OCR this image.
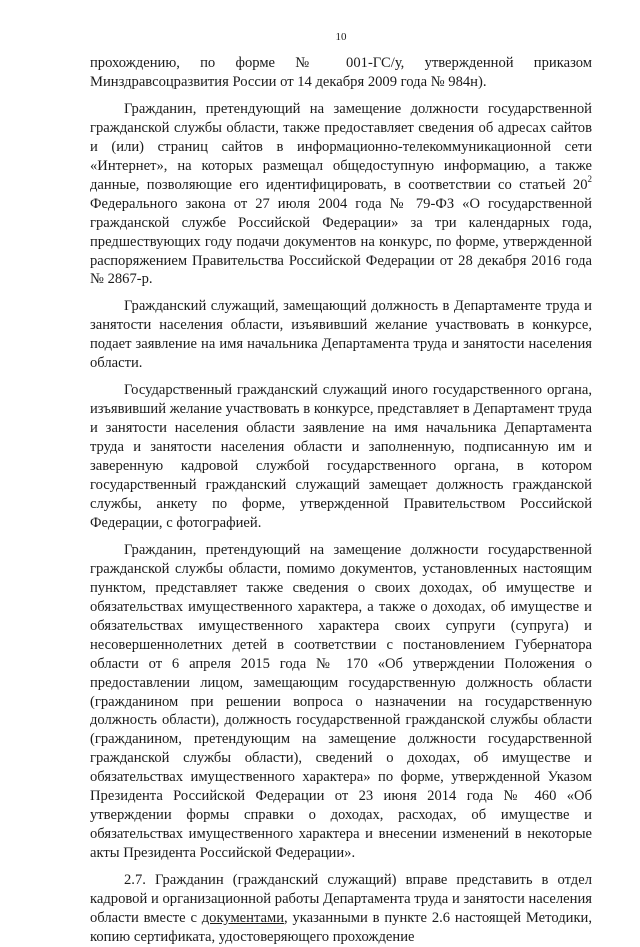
10

прохождению, по форме № 001-ГС/у, утвержденной приказом Минздравсоцразвития России от 14 декабря 2009 года № 984н).

Гражданин, претендующий на замещение должности государственной гражданской службы области, также предоставляет сведения об адресах сайтов и (или) страниц сайтов в информационно-телекоммуникационной сети «Интернет», на которых размещал общедоступную информацию, а также данные, позволяющие его идентифицировать, в соответствии со статьей $20^2$ Федерального закона от 27 июля 2004 года № 79-ФЗ «О государственной гражданской службе Российской Федерации» за три календарных года, предшествующих году подачи документов на конкурс, по форме, утвержденной распоряжением Правительства Российской Федерации от 28 декабря 2016 года № 2867-р.

Гражданский служащий, замещающий должность в Департаменте труда и занятости населения области, изъявивший желание участвовать в конкурсе, подает заявление на имя начальника Департамента труда и занятости населения области.

Государственный гражданский служащий иного государственного органа, изъявивший желание участвовать в конкурсе, представляет в Департамент труда и занятости населения области заявление на имя начальника Департамента труда и занятости населения области и заполненную, подписанную им и заверенную кадровой службой государственного органа, в котором государственный гражданский служащий замещает должность гражданской службы, анкету по форме, утвержденной Правительством Российской Федерации, с фотографией.

Гражданин, претендующий на замещение должности государственной гражданской службы области, помимо документов, установленных настоящим пунктом, представляет также сведения о своих доходах, об имуществе и обязательствах имущественного характера, а также о доходах, об имуществе и обязательствах имущественного характера своих супруги (супруга) и несовершеннолетних детей в соответствии с постановлением Губернатора области от 6 апреля 2015 года № 170 «Об утверждении Положения о предоставлении лицом, замещающим государственную должность области (гражданином при решении вопроса о назначении на государственную должность области), должность государственной гражданской службы области (гражданином, претендующим на замещение должности государственной гражданской службы области), сведений о доходах, об имуществе и обязательствах имущественного характера» по форме, утвержденной Указом Президента Российской Федерации от 23 июня 2014 года № 460 «Об утверждении формы справки о доходах, расходах, об имуществе и обязательствах имущественного характера и внесении изменений в некоторые акты Президента Российской Федерации».

2.7. Гражданин (гражданский служащий) вправе представить в отдел кадровой и организационной работы Департамента труда и занятости населения области вместе с документами, указанными в пункте 2.6 настоящей Методики, копию сертификата, удостоверяющего прохождение
